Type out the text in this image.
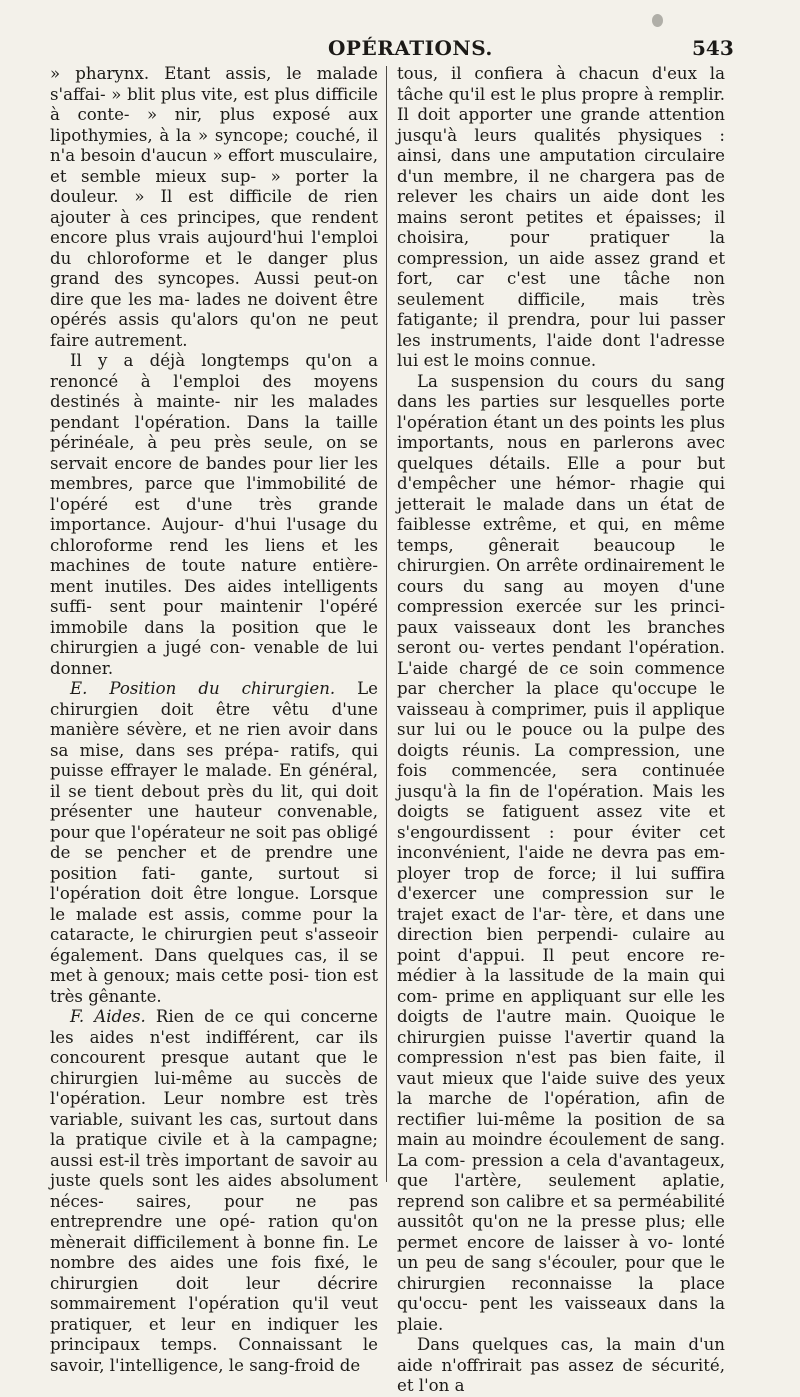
OPÉRATIONS.	543

» pharynx. Etant assis, le malade s'affai- » blit plus vite, est plus difficile à conte- » nir, plus exposé aux lipothymies, à la » syncope; couché, il n'a besoin d'aucun » effort musculaire, et semble mieux sup- » porter la douleur. » Il est difficile de rien ajouter à ces principes, que rendent encore plus vrais aujourd'hui l'emploi du chloroforme et le danger plus grand des syncopes. Aussi peut-on dire que les ma- lades ne doivent être opérés assis qu'alors qu'on ne peut faire autrement.

Il y a déjà longtemps qu'on a renoncé à l'emploi des moyens destinés à mainte- nir les malades pendant l'opération. Dans la taille périnéale, à peu près seule, on se servait encore de bandes pour lier les membres, parce que l'immobilité de l'opéré est d'une très grande importance. Aujour- d'hui l'usage du chloroforme rend les liens et les machines de toute nature entière- ment inutiles. Des aides intelligents suffi- sent pour maintenir l'opéré immobile dans la position que le chirurgien a jugé con- venable de lui donner.

E. Position du chirurgien. Le chirurgien doit être vêtu d'une manière sévère, et ne rien avoir dans sa mise, dans ses prépa- ratifs, qui puisse effrayer le malade. En général, il se tient debout près du lit, qui doit présenter une hauteur convenable, pour que l'opérateur ne soit pas obligé de se pencher et de prendre une position fati- gante, surtout si l'opération doit être longue. Lorsque le malade est assis, comme pour la cataracte, le chirurgien peut s'asseoir également. Dans quelques cas, il se met à genoux; mais cette posi- tion est très gênante.

F. Aides. Rien de ce qui concerne les aides n'est indifférent, car ils concourent presque autant que le chirurgien lui-même au succès de l'opération. Leur nombre est très variable, suivant les cas, surtout dans la pratique civile et à la campagne; aussi est-il très important de savoir au juste quels sont les aides absolument néces- saires, pour ne pas entreprendre une opé- ration qu'on mènerait difficilement à bonne fin. Le nombre des aides une fois fixé, le chirurgien doit leur décrire sommairement l'opération qu'il veut pratiquer, et leur en indiquer les principaux temps. Connaissant le savoir, l'intelligence, le sang-froid de

tous, il confiera à chacun d'eux la tâche qu'il est le plus propre à remplir. Il doit apporter une grande attention jusqu'à leurs qualités physiques : ainsi, dans une amputation circulaire d'un membre, il ne chargera pas de relever les chairs un aide dont les mains seront petites et épaisses; il choisira, pour pratiquer la compression, un aide assez grand et fort, car c'est une tâche non seulement difficile, mais très fatigante; il prendra, pour lui passer les instruments, l'aide dont l'adresse lui est le moins connue.

La suspension du cours du sang dans les parties sur lesquelles porte l'opération étant un des points les plus importants, nous en parlerons avec quelques détails. Elle a pour but d'empêcher une hémor- rhagie qui jetterait le malade dans un état de faiblesse extrême, et qui, en même temps, gênerait beaucoup le chirurgien. On arrête ordinairement le cours du sang au moyen d'une compression exercée sur les princi- paux vaisseaux dont les branches seront ou- vertes pendant l'opération. L'aide chargé de ce soin commence par chercher la place qu'occupe le vaisseau à comprimer, puis il applique sur lui ou le pouce ou la pulpe des doigts réunis. La compression, une fois commencée, sera continuée jusqu'à la fin de l'opération. Mais les doigts se fatiguent assez vite et s'engourdissent : pour éviter cet inconvénient, l'aide ne devra pas em- ployer trop de force; il lui suffira d'exercer une compression sur le trajet exact de l'ar- tère, et dans une direction bien perpendi- culaire au point d'appui. Il peut encore re- médier à la lassitude de la main qui com- prime en appliquant sur elle les doigts de l'autre main. Quoique le chirurgien puisse l'avertir quand la compression n'est pas bien faite, il vaut mieux que l'aide suive des yeux la marche de l'opération, afin de rectifier lui-même la position de sa main au moindre écoulement de sang. La com- pression a cela d'avantageux, que l'artère, seulement aplatie, reprend son calibre et sa perméabilité aussitôt qu'on ne la presse plus; elle permet encore de laisser à vo- lonté un peu de sang s'écouler, pour que le chirurgien reconnaisse la place qu'occu- pent les vaisseaux dans la plaie.

Dans quelques cas, la main d'un aide n'offrirait pas assez de sécurité, et l'on a
